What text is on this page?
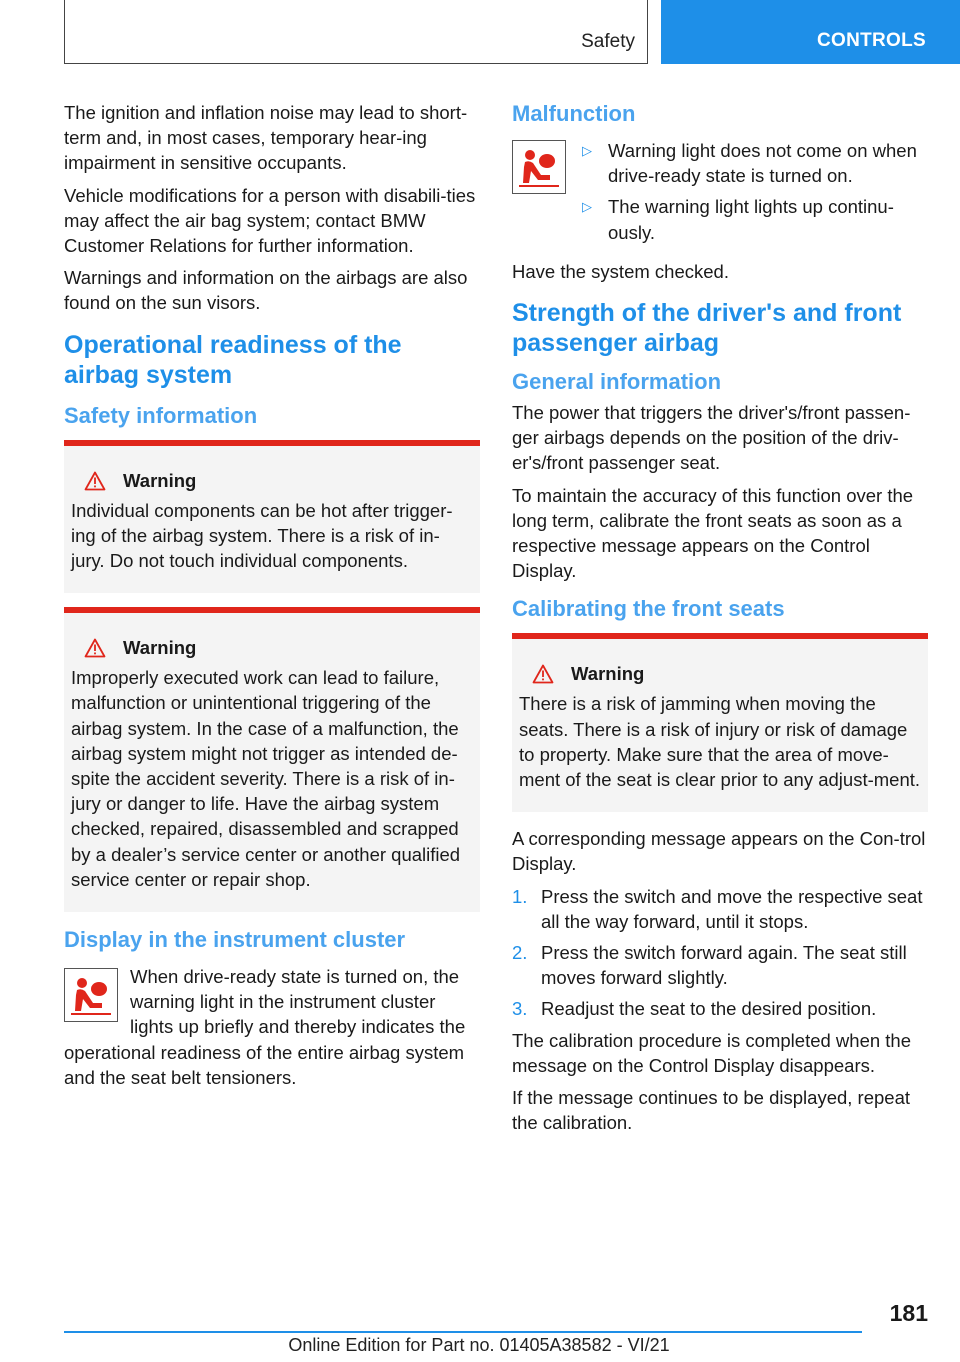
Safety	CONTROLS

The ignition and inflation noise may lead to short-term and, in most cases, temporary hear-ing impairment in sensitive occupants.

Vehicle modifications for a person with disabili-ties may affect the air bag system; contact BMW Customer Relations for further information.

Warnings and information on the airbags are also found on the sun visors.

Operational readiness of the airbag system
Safety information
Warning

Individual components can be hot after trigger-ing of the airbag system. There is a risk of in-jury. Do not touch individual components.

Warning

Improperly executed work can lead to failure, malfunction or unintentional triggering of the airbag system. In the case of a malfunction, the airbag system might not trigger as intended de-spite the accident severity. There is a risk of in-jury or danger to life. Have the airbag system checked, repaired, disassembled and scrapped by a dealer’s service center or another qualified service center or repair shop.

Display in the instrument cluster

When drive-ready state is turned on, the warning light in the instrument cluster lights up briefly and thereby indicates the operational readiness of the entire airbag system and the seat belt tensioners.

Malfunction
▷ Warning light does not come on when drive-ready state is turned on.
▷ The warning light lights up continu-ously.

Have the system checked.

Strength of the driver's and front passenger airbag
General information

The power that triggers the driver's/front passen-ger airbags depends on the position of the driv-er's/front passenger seat.

To maintain the accuracy of this function over the long term, calibrate the front seats as soon as a respective message appears on the Control Display.

Calibrating the front seats
Warning

There is a risk of jamming when moving the seats. There is a risk of injury or risk of damage to property. Make sure that the area of move-ment of the seat is clear prior to any adjust-ment.

A corresponding message appears on the Con-trol Display.

1. Press the switch and move the respective seat all the way forward, until it stops.
2. Press the switch forward again. The seat still moves forward slightly.
3. Readjust the seat to the desired position.

The calibration procedure is completed when the message on the Control Display disappears.

If the message continues to be displayed, repeat the calibration.

181
Online Edition for Part no. 01405A38582 - VI/21
